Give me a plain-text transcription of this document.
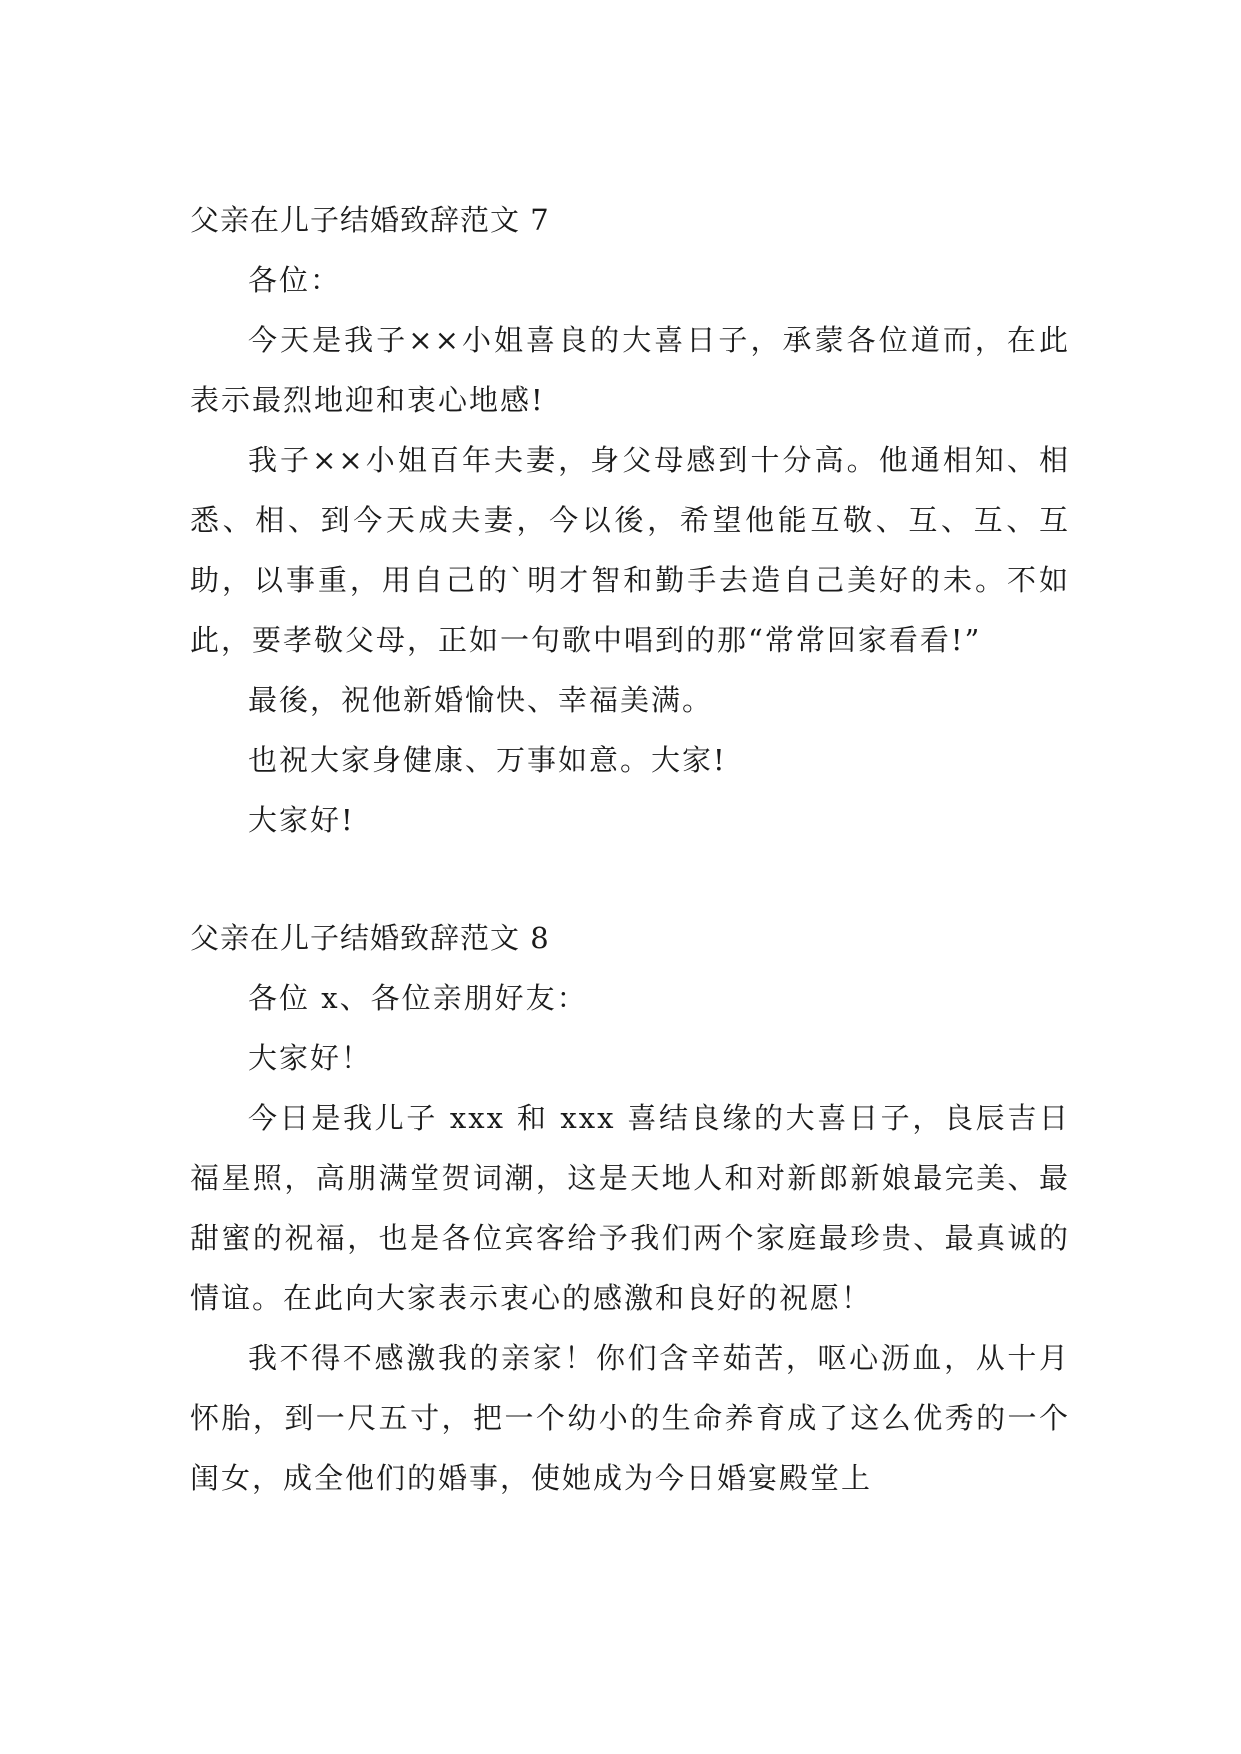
父亲在儿子结婚致辞范文 7

各位：

今天是我子××小姐喜良的大喜日子，承蒙各位道而，在此表示最烈地迎和衷心地感!

我子××小姐百年夫妻，身父母感到十分高。他通相知、相悉、相、到今天成夫妻，今以後，希望他能互敬、互、互、互助，以事重，用自己的`明才智和勤手去造自己美好的未。不如此，要孝敬父母，正如一句歌中唱到的那“常常回家看看!”

最後，祝他新婚愉快、幸福美满。

也祝大家身健康、万事如意。大家!

大家好!

父亲在儿子结婚致辞范文 8

各位 x、各位亲朋好友：

大家好！

今日是我儿子 xxx 和 xxx 喜结良缘的大喜日子，良辰吉日福星照，高朋满堂贺词潮，这是天地人和对新郎新娘最完美、最甜蜜的祝福，也是各位宾客给予我们两个家庭最珍贵、最真诚的情谊。在此向大家表示衷心的感激和良好的祝愿！

我不得不感激我的亲家！你们含辛茹苦，呕心沥血，从十月怀胎，到一尺五寸，把一个幼小的生命养育成了这么优秀的一个闺女，成全他们的婚事，使她成为今日婚宴殿堂上
